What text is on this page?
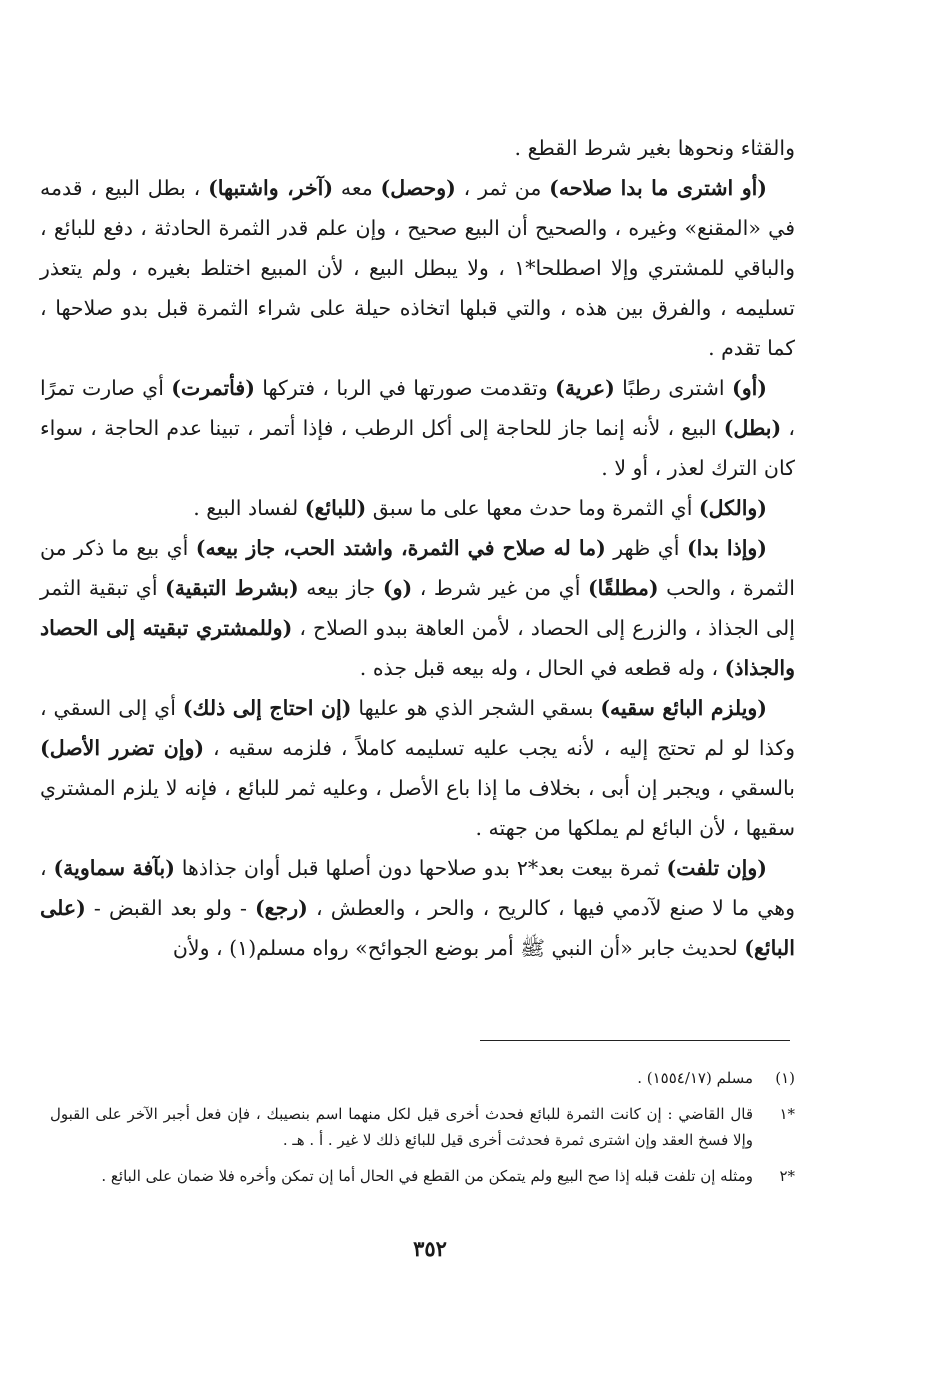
والقثاء ونحوها بغير شرط القطع .

(أو اشترى ما بدا صلاحه) من ثمر ، (وحصل) معه (آخر، واشتبها) ، بطل البيع ، قدمه في «المقنع» وغيره ، والصحيح أن البيع صحيح ، وإن علم قدر الثمرة الحادثة ، دفع للبائع ، والباقي للمشتري وإلا اصطلحا*١ ، ولا يبطل البيع ، لأن المبيع اختلط بغيره ، ولم يتعذر تسليمه ، والفرق بين هذه ، والتي قبلها اتخاذه حيلة على شراء الثمرة قبل بدو صلاحها ، كما تقدم .

(أو) اشترى رطبًا (عرية) وتقدمت صورتها في الربا ، فتركها (فأتمرت) أي صارت تمرًا ، (بطل) البيع ، لأنه إنما جاز للحاجة إلى أكل الرطب ، فإذا أتمر ، تبينا عدم الحاجة ، سواء كان الترك لعذر ، أو لا .

(والكل) أي الثمرة وما حدث معها على ما سبق (للبائع) لفساد البيع .

(وإذا بدا) أي ظهر (ما له صلاح في الثمرة، واشتد الحب، جاز بيعه) أي بيع ما ذكر من الثمرة ، والحب (مطلقًا) أي من غير شرط ، (و) جاز بيعه (بشرط التبقية) أي تبقية الثمر إلى الجذاذ ، والزرع إلى الحصاد ، لأمن العاهة ببدو الصلاح ، (وللمشتري تبقيته إلى الحصاد والجذاذ) ، وله قطعه في الحال ، وله بيعه قبل جذه .

(ويلزم البائع سقيه) بسقي الشجر الذي هو عليها (إن احتاج إلى ذلك) أي إلى السقي ، وكذا لو لم تحتج إليه ، لأنه يجب عليه تسليمه كاملاً ، فلزمه سقيه ، (وإن تضرر الأصل) بالسقي ، ويجبر إن أبى ، بخلاف ما إذا باع الأصل ، وعليه ثمر للبائع ، فإنه لا يلزم المشتري سقيها ، لأن البائع لم يملكها من جهته .

(وإن تلفت) ثمرة بيعت بعد*٢ بدو صلاحها دون أصلها قبل أوان جذاذها (بآفة سماوية) ، وهي ما لا صنع لآدمي فيها ، كالريح ، والحر ، والعطش ، (رجع) - ولو بعد القبض - (على البائع) لحديث جابر «أن النبي ﷺ أمر بوضع الجوائح» رواه مسلم(١) ، ولأن

(١)
مسلم (١٥٥٤/١٧) .
*١
قال القاضي : إن كانت الثمرة للبائع فحدث أخرى قيل لكل منهما اسم بنصيبك ، فإن فعل أجبر الآخر على القبول وإلا فسخ العقد وإن اشترى ثمرة فحدثت أخرى قيل للبائع ذلك لا غير . أ . هـ .
*٢
ومثله إن تلفت قبله إذا صح البيع ولم يتمكن من القطع في الحال أما إن تمكن وأخره فلا ضمان على البائع .
٣٥٢
